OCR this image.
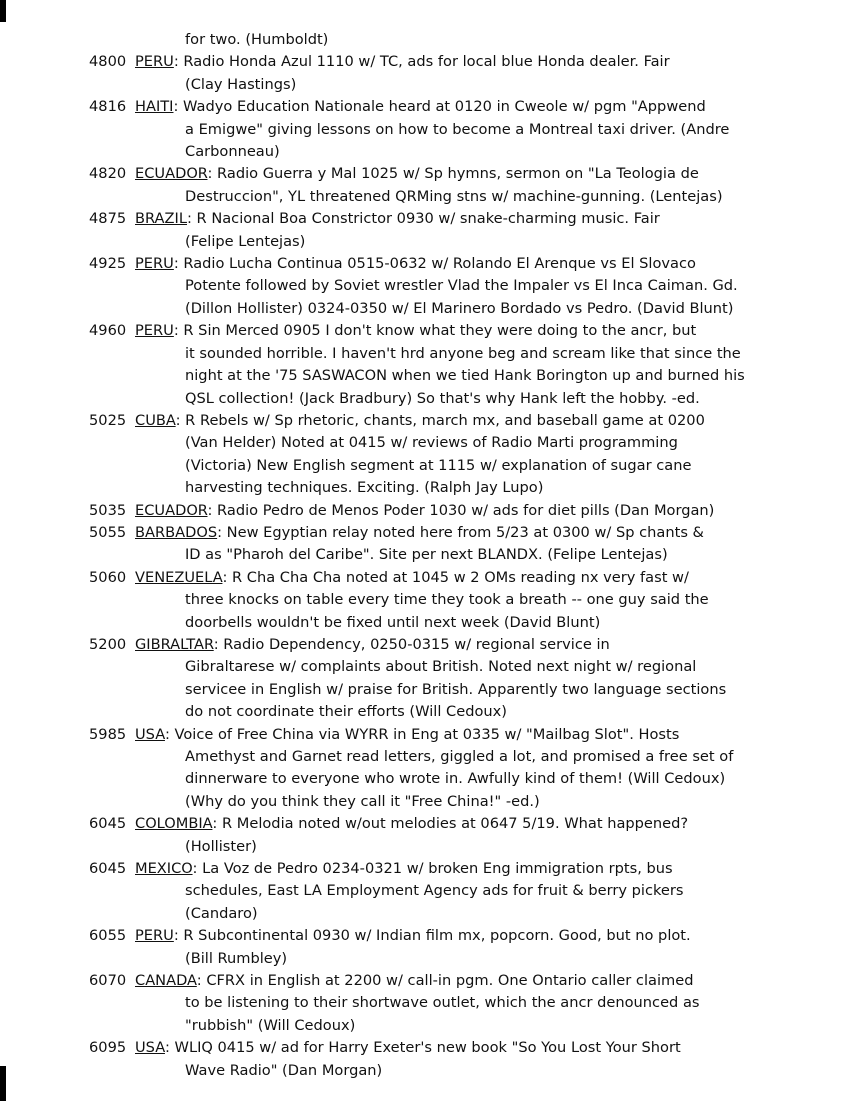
for two. (Humboldt)
4800 PERU: Radio Honda Azul 1110 w/ TC, ads for local blue Honda dealer. Fair
(Clay Hastings)
4816 HAITI: Wadyo Education Nationale heard at 0120 in Cweole w/ pgm "Appwend
a Emigwe" giving lessons on how to become a Montreal taxi driver. (Andre
Carbonneau)
4820 ECUADOR: Radio Guerra y Mal 1025 w/ Sp hymns, sermon on "La Teologia de
Destruccion", YL threatened QRMing stns w/ machine-gunning. (Lentejas)
4875 BRAZIL: R Nacional Boa Constrictor 0930 w/ snake-charming music. Fair
(Felipe Lentejas)
4925 PERU: Radio Lucha Continua 0515-0632 w/ Rolando El Arenque vs El Slovaco
Potente followed by Soviet wrestler Vlad the Impaler vs El Inca Caiman. Gd.
(Dillon Hollister) 0324-0350 w/ El Marinero Bordado vs Pedro. (David Blunt)
4960 PERU: R Sin Merced 0905 I don't know what they were doing to the ancr, but
it sounded horrible. I haven't hrd anyone beg and scream like that since the
night at the '75 SASWACON when we tied Hank Borington up and burned his
QSL collection! (Jack Bradbury) So that's why Hank left the hobby. -ed.
5025 CUBA: R Rebels w/ Sp rhetoric, chants, march mx, and baseball game at 0200
(Van Helder) Noted at 0415 w/ reviews of Radio Marti programming
(Victoria) New English segment at 1115 w/ explanation of sugar cane
harvesting techniques. Exciting. (Ralph Jay Lupo)
5035 ECUADOR: Radio Pedro de Menos Poder 1030 w/ ads for diet pills (Dan Morgan)
5055 BARBADOS: New Egyptian relay noted here from 5/23 at 0300 w/ Sp chants &
ID as "Pharoh del Caribe". Site per next BLANDX. (Felipe Lentejas)
5060 VENEZUELA: R Cha Cha Cha noted at 1045 w 2 OMs reading nx very fast w/
three knocks on table every time they took a breath -- one guy said the
doorbells wouldn't be fixed until next week (David Blunt)
5200 GIBRALTAR: Radio Dependency, 0250-0315 w/ regional service in
Gibraltarese w/ complaints about British. Noted next night w/ regional
servicee in English w/ praise for British. Apparently two language sections
do not coordinate their efforts (Will Cedoux)
5985 USA: Voice of Free China via WYRR in Eng at 0335 w/ "Mailbag Slot". Hosts
Amethyst and Garnet read letters, giggled a lot, and promised a free set of
dinnerware to everyone who wrote in. Awfully kind of them! (Will Cedoux)
(Why do you think they call it "Free China!" -ed.)
6045 COLOMBIA: R Melodia noted w/out melodies at 0647 5/19. What happened?
(Hollister)
6045 MEXICO: La Voz de Pedro 0234-0321 w/ broken Eng immigration rpts, bus
schedules, East LA Employment Agency ads for fruit & berry pickers
(Candaro)
6055 PERU: R Subcontinental 0930 w/ Indian film mx, popcorn. Good, but no plot.
(Bill Rumbley)
6070 CANADA: CFRX in English at 2200 w/ call-in pgm. One Ontario caller claimed
to be listening to their shortwave outlet, which the ancr denounced as
"rubbish" (Will Cedoux)
6095 USA: WLIQ 0415 w/ ad for Harry Exeter's new book "So You Lost Your Short
Wave Radio" (Dan Morgan)
